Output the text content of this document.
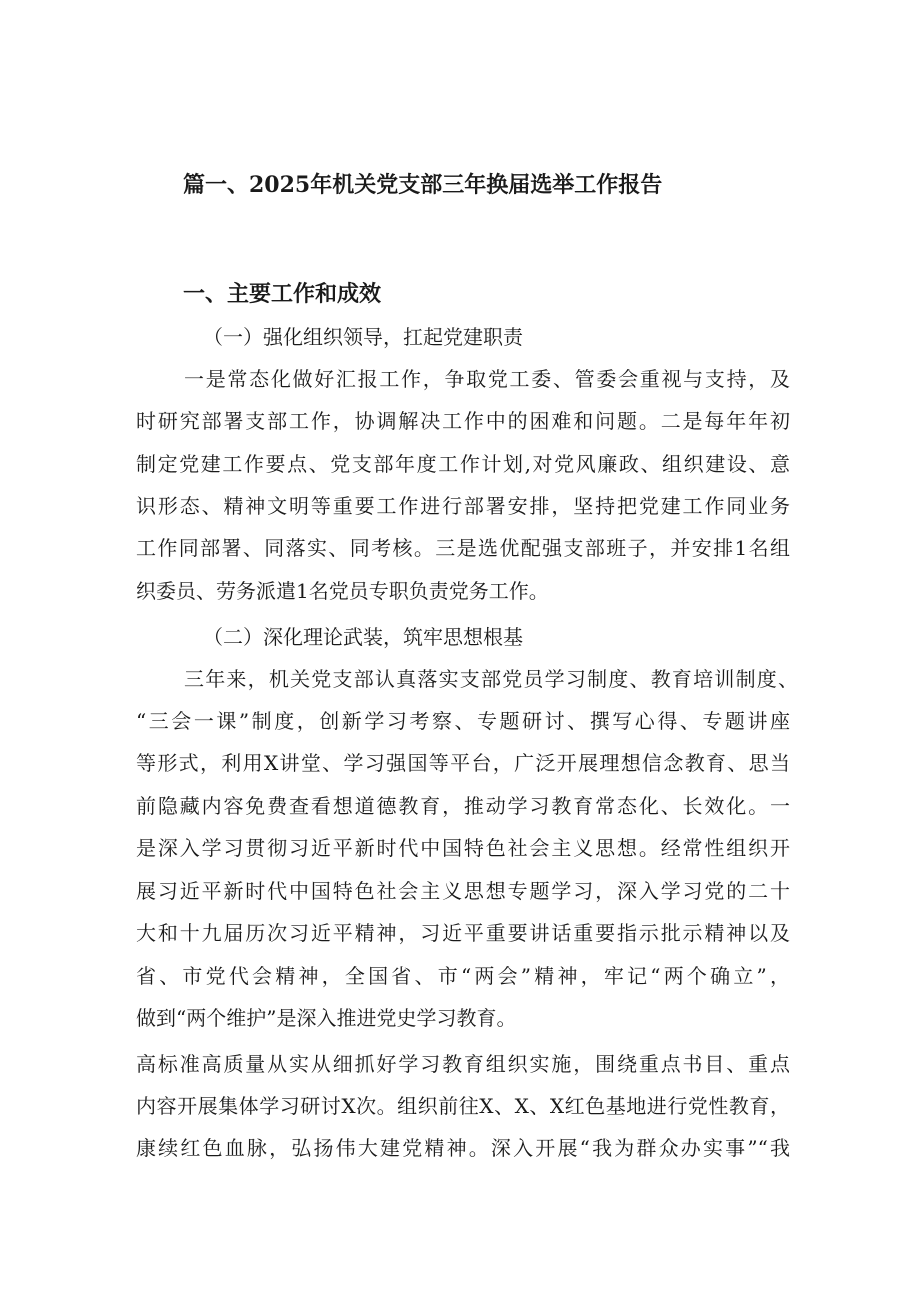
篇一、2025年机关党支部三年换届选举工作报告
一、主要工作和成效
（一）强化组织领导，扛起党建职责
一是常态化做好汇报工作，争取党工委、管委会重视与支持，及
时研究部署支部工作，协调解决工作中的困难和问题。二是每年年初
制定党建工作要点、党支部年度工作计划,对党风廉政、组织建设、意
识形态、精神文明等重要工作进行部署安排，坚持把党建工作同业务
工作同部署、同落实、同考核。三是选优配强支部班子，并安排1名组
织委员、劳务派遣1名党员专职负责党务工作。
（二）深化理论武装，筑牢思想根基
三年来，机关党支部认真落实支部党员学习制度、教育培训制度、
“三会一课”制度，创新学习考察、专题研讨、撰写心得、专题讲座
等形式，利用X讲堂、学习强国等平台，广泛开展理想信念教育、思当
前隐藏内容免费查看想道德教育，推动学习教育常态化、长效化。一
是深入学习贯彻习近平新时代中国特色社会主义思想。经常性组织开
展习近平新时代中国特色社会主义思想专题学习，深入学习党的二十
大和十九届历次习近平精神，习近平重要讲话重要指示批示精神以及
省、市党代会精神，全国省、市“两会”精神，牢记“两个确立”，
做到“两个维护”是深入推进党史学习教育。
高标准高质量从实从细抓好学习教育组织实施，围绕重点书目、重点
内容开展集体学习研讨X次。组织前往X、X、X红色基地进行党性教育，
康续红色血脉，弘扬伟大建党精神。深入开展“我为群众办实事”“我
